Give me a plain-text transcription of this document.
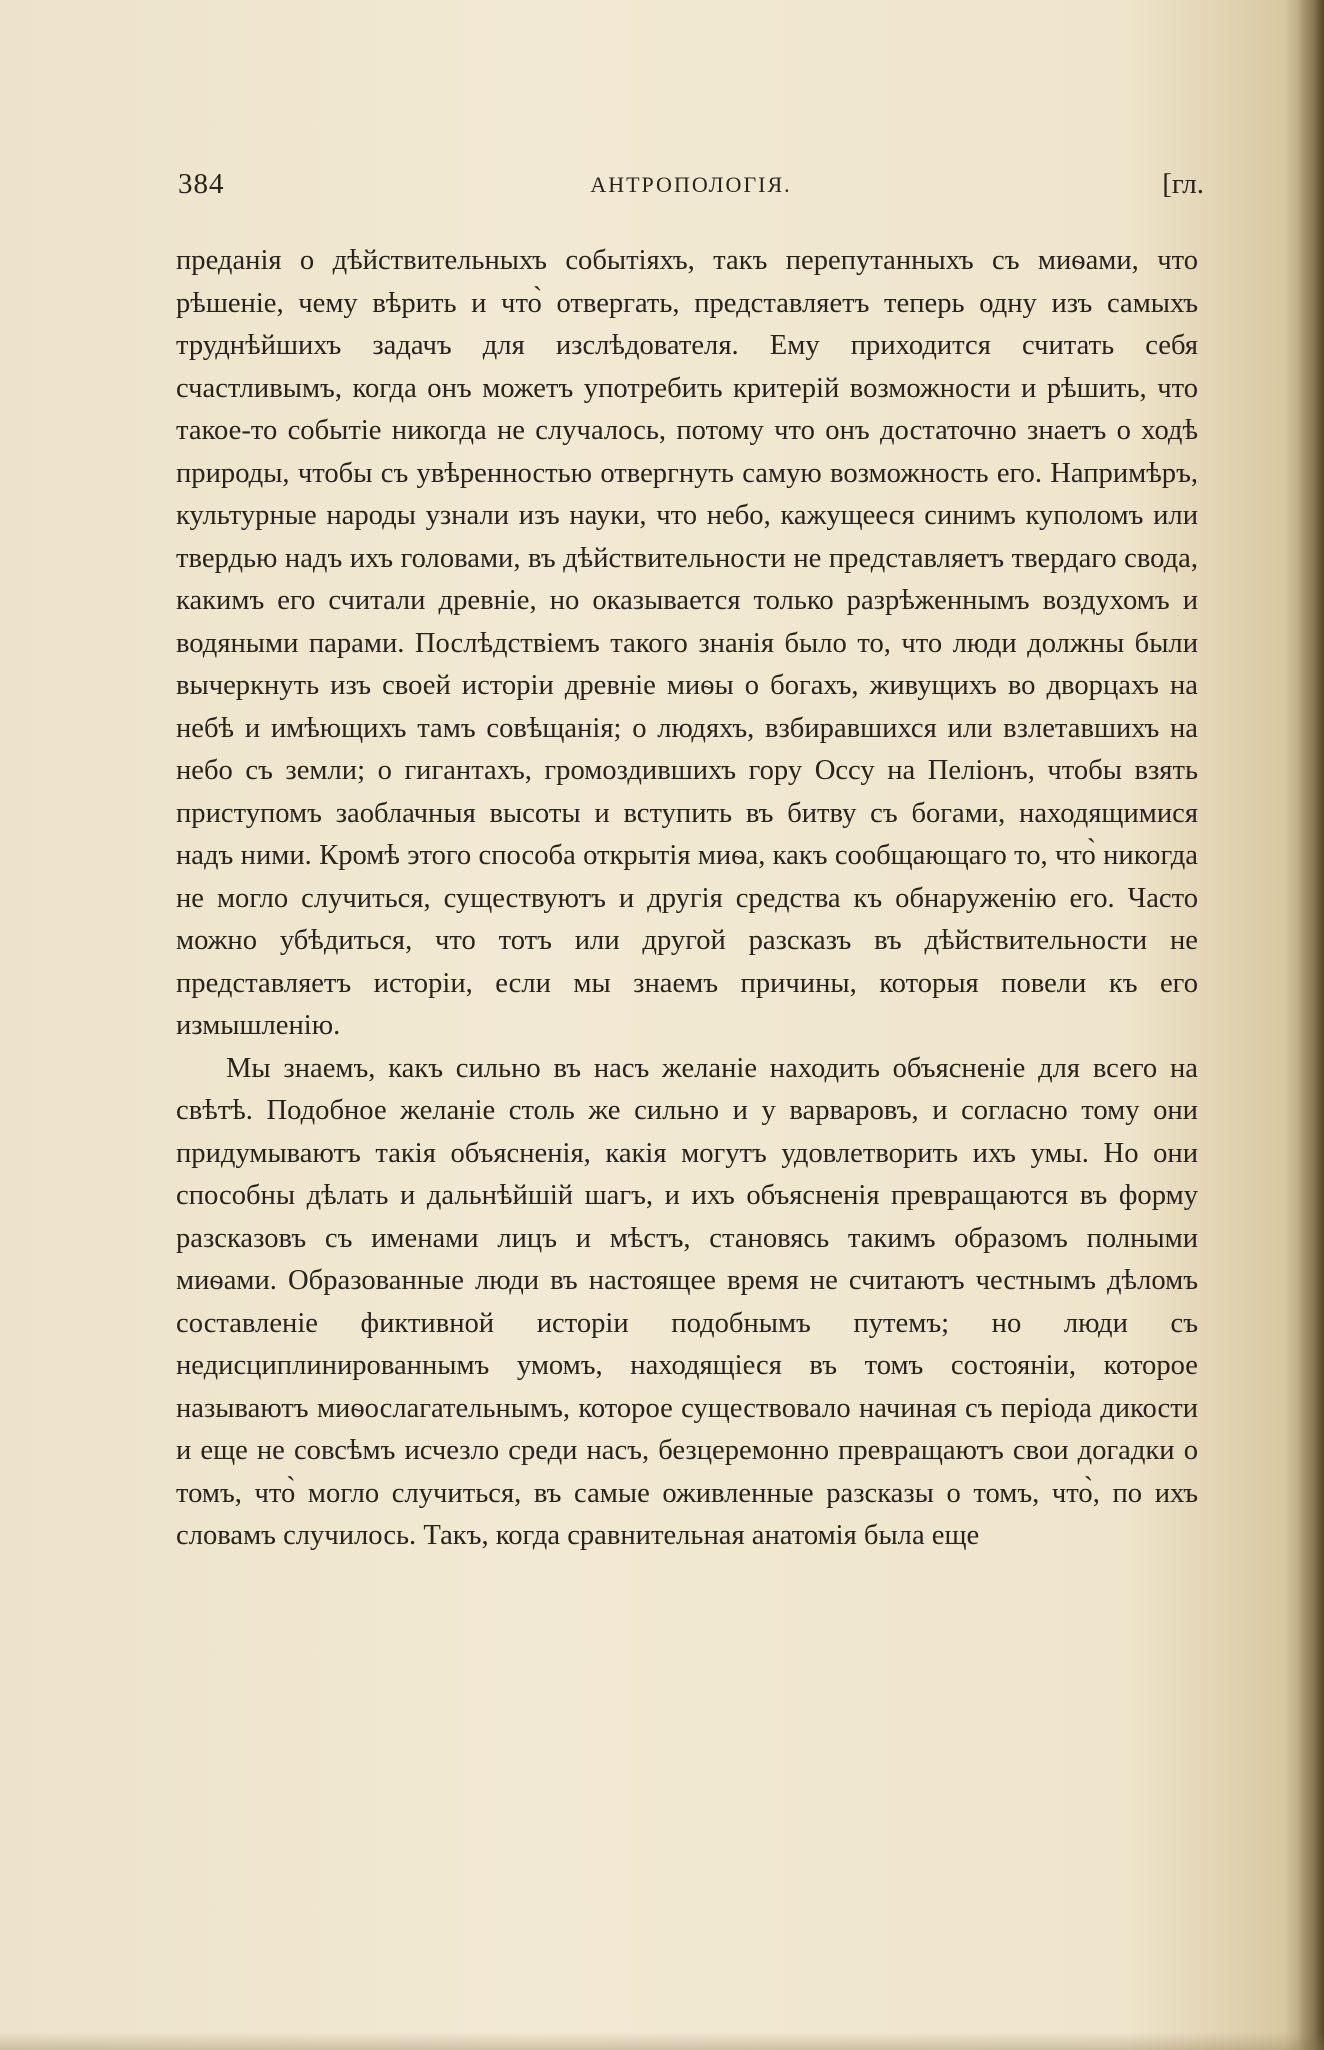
384	АНТРОПОЛОГІЯ.	[гл.

преданія о дѣйствительныхъ событіяхъ, такъ перепутанныхъ съ миѳами, что рѣшеніе, чему вѣрить и что̀ отвергать, представляетъ теперь одну изъ самыхъ труднѣйшихъ задачъ для изслѣдователя. Ему приходится считать себя счастливымъ, когда онъ можетъ употребить критерій возможности и рѣшить, что такое-то событіе никогда не случалось, потому что онъ достаточно знаетъ о ходѣ природы, чтобы съ увѣренностью отвергнуть самую возможность его. Напримѣръ, культурные народы узнали изъ науки, что небо, кажущееся синимъ куполомъ или твердью надъ ихъ головами, въ дѣйствительности не представляетъ твердаго свода, какимъ его считали древніе, но оказывается только разрѣженнымъ воздухомъ и водяными парами. Послѣдствіемъ такого знанія было то, что люди должны были вычеркнуть изъ своей исторіи древніе миѳы о богахъ, живущихъ во дворцахъ на небѣ и имѣющихъ тамъ совѣщанія; о людяхъ, взбиравшихся или взлетавшихъ на небо съ земли; о гигантахъ, громоздившихъ гору Оссу на Пеліонъ, чтобы взять приступомъ заоблачныя высоты и вступить въ битву съ богами, находящимися надъ ними. Кромѣ этого способа открытія миѳа, какъ сообщающаго то, что̀ никогда не могло случиться, существуютъ и другія средства къ обнаруженію его. Часто можно убѣдиться, что тотъ или другой разсказъ въ дѣйствительности не представляетъ исторіи, если мы знаемъ причины, которыя повели къ его измышленію.

Мы знаемъ, какъ сильно въ насъ желаніе находить объясненіе для всего на свѣтѣ. Подобное желаніе столь же сильно и у варваровъ, и согласно тому они придумываютъ такія объясненія, какія могутъ удовлетворить ихъ умы. Но они способны дѣлать и дальнѣйшій шагъ, и ихъ объясненія превращаются въ форму разсказовъ съ именами лицъ и мѣстъ, становясь такимъ образомъ полными миѳами. Образованные люди въ настоящее время не считаютъ честнымъ дѣломъ составленіе фиктивной исторіи подобнымъ путемъ; но люди съ недисциплинированнымъ умомъ, находящіеся въ томъ состояніи, которое называютъ миѳослагательнымъ, которое существовало начиная съ періода дикости и еще не совсѣмъ исчезло среди насъ, безцеремонно превращаютъ свои догадки о томъ, что̀ могло случиться, въ самые оживленные разсказы о томъ, что̀, по ихъ словамъ случилось. Такъ, когда сравнительная анатомія была еще
